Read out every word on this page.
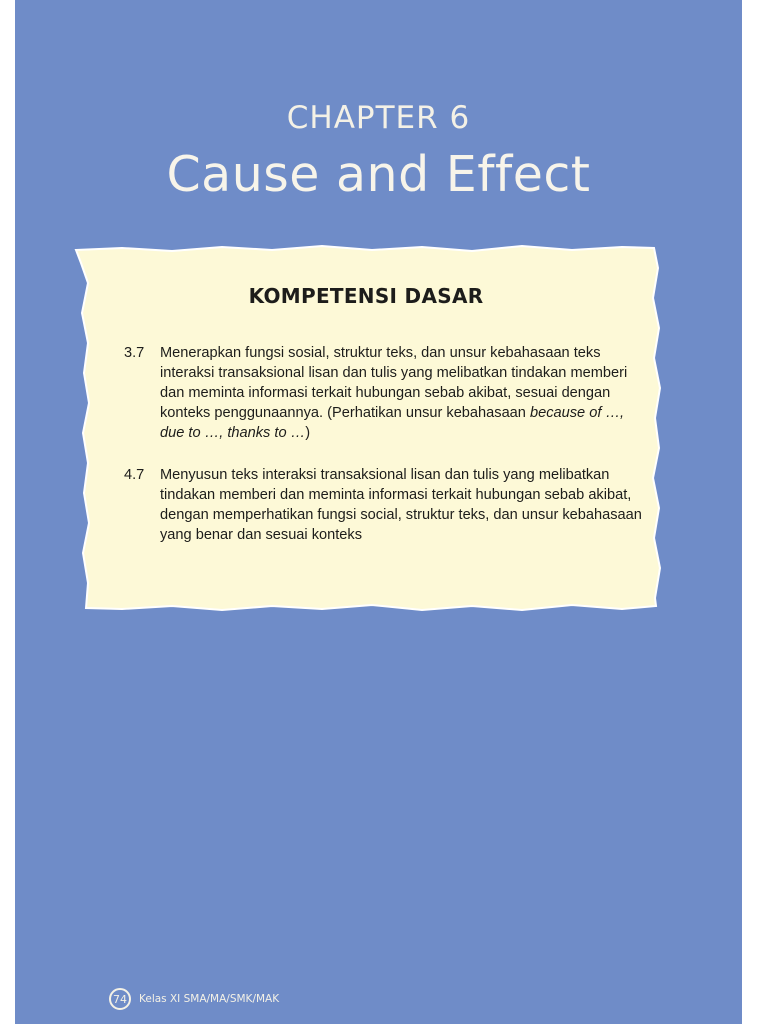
CHAPTER 6
Cause and Effect
KOMPETENSI DASAR
3.7 Menerapkan fungsi sosial, struktur teks, dan unsur kebahasaan teks interaksi transaksional lisan dan tulis yang melibatkan tindakan memberi dan meminta informasi terkait hubungan sebab akibat, sesuai dengan konteks penggunaannya. (Perhatikan unsur kebahasaan because of …, due to …, thanks to …)
4.7 Menyusun teks interaksi transaksional lisan dan tulis yang melibatkan tindakan memberi dan meminta informasi terkait hubungan sebab akibat, dengan memperhatikan fungsi social, struktur teks, dan unsur kebahasaan yang benar dan sesuai konteks
74	Kelas XI SMA/MA/SMK/MAK
